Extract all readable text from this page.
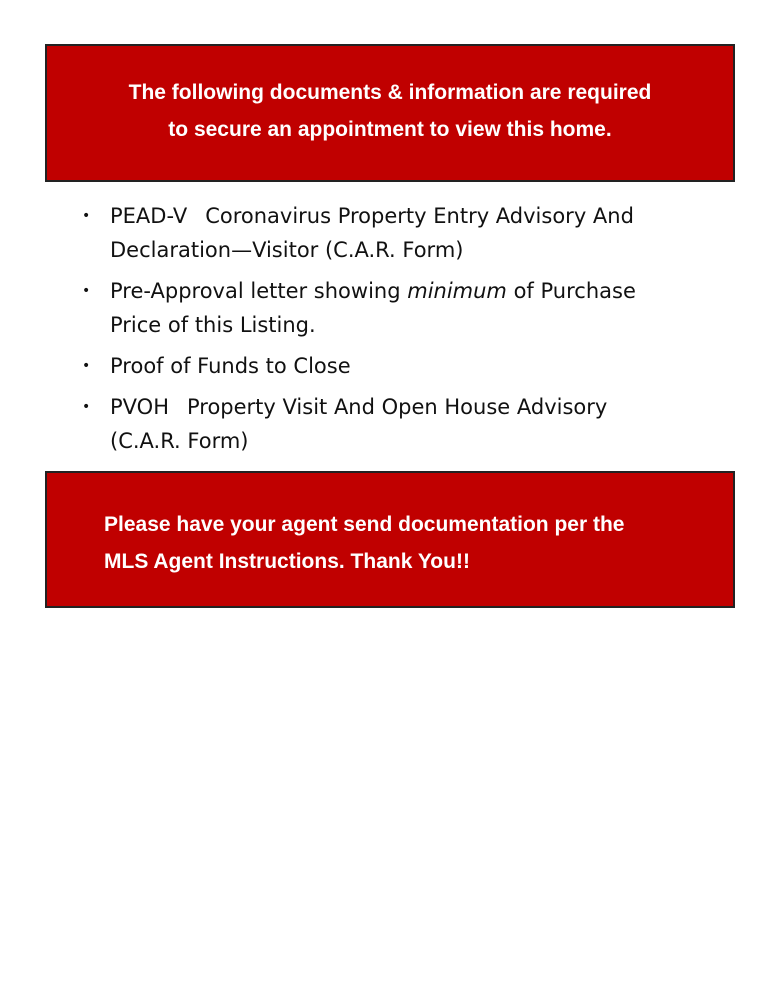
The following documents & information are required
to secure an appointment to view this home.
• PEAD-V Coronavirus Property Entry Advisory And
Declaration—Visitor (C.A.R. Form)
• Pre-Approval letter showing minimum of Purchase
Price of this Listing.
• Proof of Funds to Close
• PVOH Property Visit And Open House Advisory
(C.A.R. Form)
Please have your agent send documentation per the
MLS Agent Instructions. Thank You!!
